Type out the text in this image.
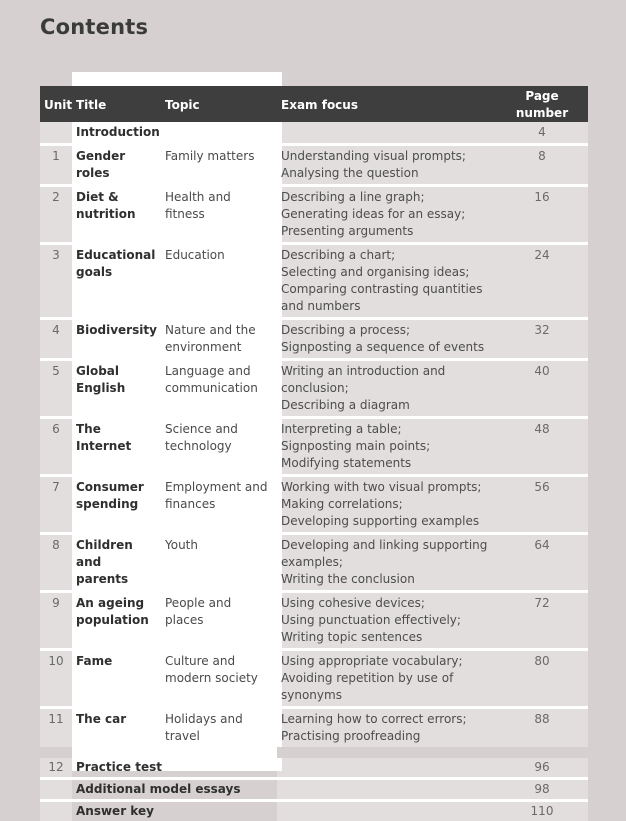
Contents
Unit	Title	Topic	Exam focus	Page number
	Introduction			4
1	Gender roles	Family matters	Understanding visual prompts;
Analysing the question	8
2	Diet & nutrition	Health and fitness	Describing a line graph;
Generating ideas for an essay;
Presenting arguments	16
3	Educational goals	Education	Describing a chart;
Selecting and organising ideas;
Comparing contrasting quantities and numbers	24
4	Biodiversity	Nature and the environment	Describing a process;
Signposting a sequence of events	32
5	Global English	Language and communication	Writing an introduction and conclusion;
Describing a diagram	40
6	The Internet	Science and technology	Interpreting a table;
Signposting main points;
Modifying statements	48
7	Consumer spending	Employment and finances	Working with two visual prompts;
Making correlations;
Developing supporting examples	56
8	Children and parents	Youth	Developing and linking supporting examples;
Writing the conclusion	64
9	An ageing population	People and places	Using cohesive devices;
Using punctuation effectively;
Writing topic sentences	72
10	Fame	Culture and modern society	Using appropriate vocabulary;
Avoiding repetition by use of synonyms	80
11	The car	Holidays and travel	Learning how to correct errors;
Practising proofreading	88
12	Practice test			96
	Additional model essays			98
	Answer key			110
